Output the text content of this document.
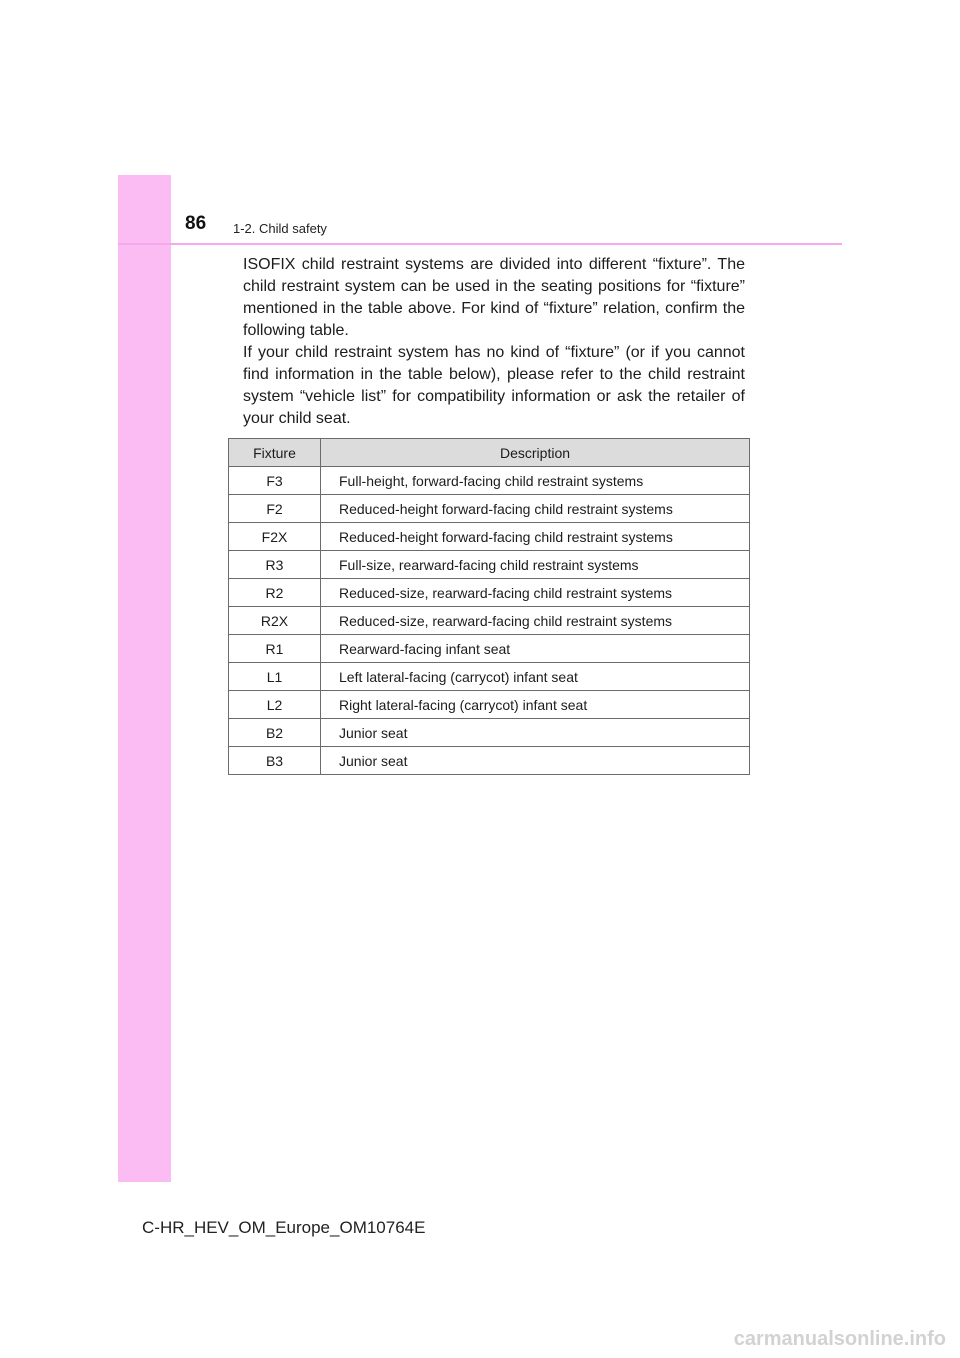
86 1-2. Child safety

ISOFIX child restraint systems are divided into different “fixture”. The child restraint system can be used in the seating positions for “fixture” mentioned in the table above. For kind of “fixture” relation, confirm the following table.

If your child restraint system has no kind of “fixture” (or if you cannot find information in the table below), please refer to the child restraint system “vehicle list” for compatibility information or ask the retailer of your child seat.

Fixture	Description
F3	Full-height, forward-facing child restraint systems
F2	Reduced-height forward-facing child restraint systems
F2X	Reduced-height forward-facing child restraint systems
R3	Full-size, rearward-facing child restraint systems
R2	Reduced-size, rearward-facing child restraint systems
R2X	Reduced-size, rearward-facing child restraint systems
R1	Rearward-facing infant seat
L1	Left lateral-facing (carrycot) infant seat
L2	Right lateral-facing (carrycot) infant seat
B2	Junior seat
B3	Junior seat
C-HR_HEV_OM_Europe_OM10764E
carmanualsonline.info
